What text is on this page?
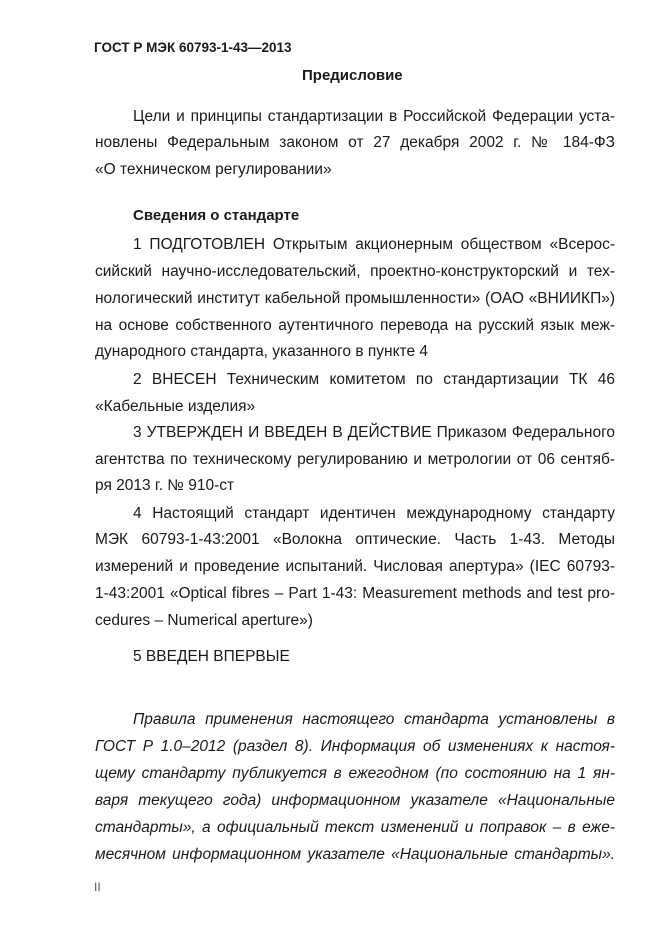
ГОСТ Р МЭК 60793-1-43—2013
Предисловие
Цели и принципы стандартизации в Российской Федерации уста-
новлены Федеральным законом от 27 декабря 2002 г. № 184-ФЗ
«О техническом регулировании»
Сведения о стандарте
1 ПОДГОТОВЛЕН Открытым акционерным обществом «Всерос-
сийский научно-исследовательский, проектно-конструкторский и тех-
нологический институт кабельной промышленности» (ОАО «ВНИИКП»)
на основе собственного аутентичного перевода на русский язык меж-
дународного стандарта, указанного в пункте 4
2 ВНЕСЕН Техническим комитетом по стандартизации ТК 46
«Кабельные изделия»
3 УТВЕРЖДЕН И ВВЕДЕН В ДЕЙСТВИЕ Приказом Федерального
агентства по техническому регулированию и метрологии от 06 сентяб-
ря 2013 г. № 910-ст
4 Настоящий стандарт идентичен международному стандарту
МЭК 60793-1-43:2001 «Волокна оптические. Часть 1-43. Методы
измерений и проведение испытаний. Числовая апертура» (IEC 60793-
1-43:2001 «Optical fibres – Part 1-43: Measurement methods and test pro-
cedures – Numerical aperture»)
5 ВВЕДЕН ВПЕРВЫЕ
Правила применения настоящего стандарта установлены в
ГОСТ Р 1.0–2012 (раздел 8). Информация об изменениях к настоя-
щему стандарту публикуется в ежегодном (по состоянию на 1 ян-
варя текущего года) информационном указателе «Национальные
стандарты», а официальный текст изменений и поправок – в еже-
месячном информационном указателе «Национальные стандарты».
II
